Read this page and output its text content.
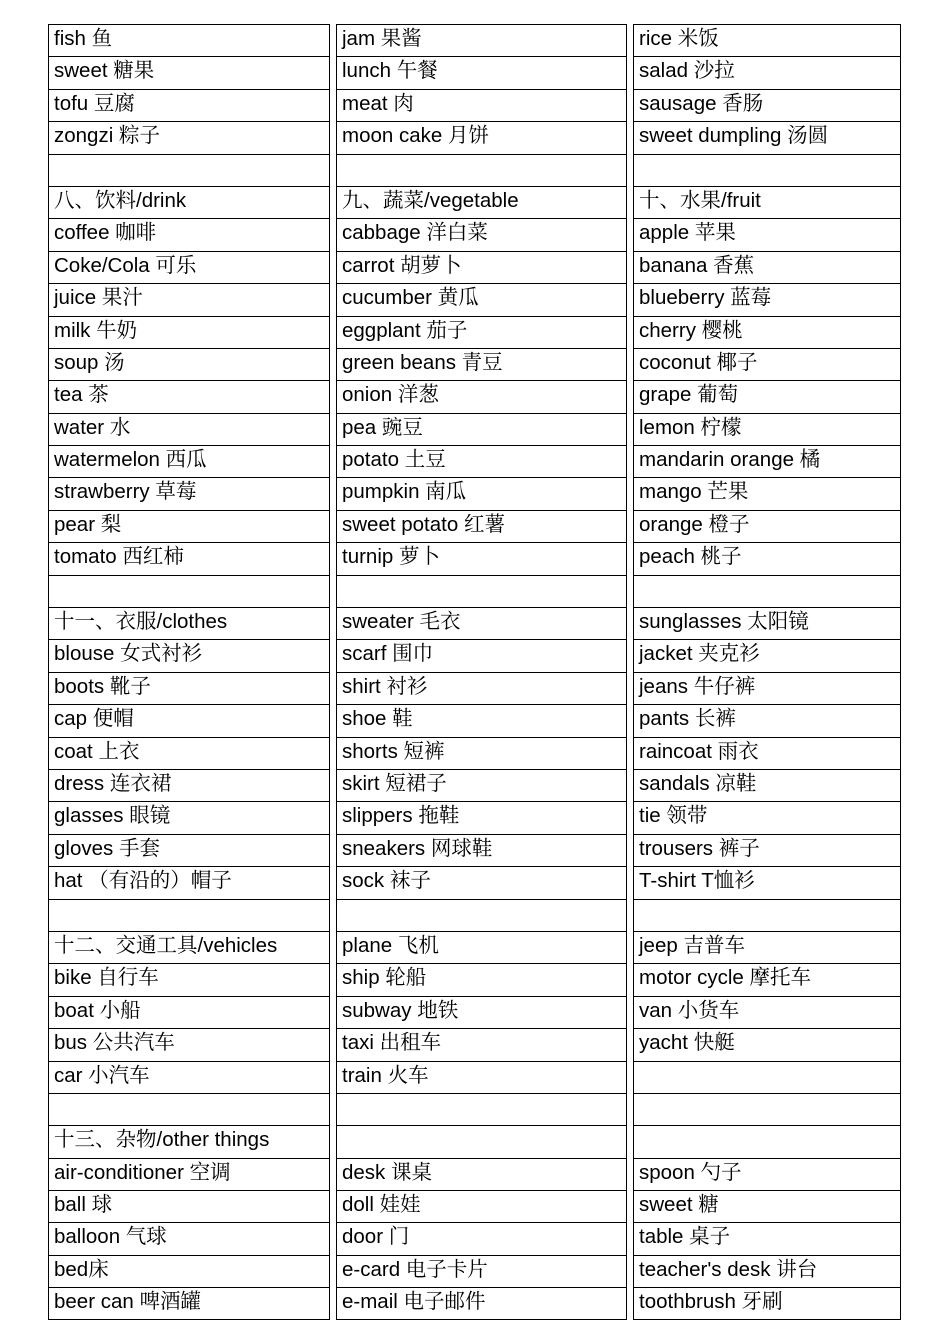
fish 鱼	jam 果酱	rice 米饭
sweet 糖果	lunch 午餐	salad 沙拉
tofu 豆腐	meat 肉	sausage 香肠
zongzi 粽子	moon cake 月饼	sweet dumpling 汤圆
八、饮料/drink	九、蔬菜/vegetable	十、水果/fruit
coffee 咖啡	cabbage 洋白菜	apple 苹果
Coke/Cola 可乐	carrot 胡萝卜	banana 香蕉
juice 果汁	cucumber 黄瓜	blueberry 蓝莓
milk 牛奶	eggplant 茄子	cherry 樱桃
soup 汤	green beans 青豆	coconut 椰子
tea 茶	onion 洋葱	grape 葡萄
water 水	pea 豌豆	lemon 柠檬
watermelon 西瓜	potato 土豆	mandarin orange 橘
strawberry 草莓	pumpkin 南瓜	mango 芒果
pear 梨	sweet potato 红薯	orange 橙子
tomato 西红柿	turnip 萝卜	peach 桃子
十一、衣服/clothes	sweater 毛衣	sunglasses 太阳镜
blouse 女式衬衫	scarf 围巾	jacket 夹克衫
boots 靴子	shirt 衬衫	jeans 牛仔裤
cap 便帽	shoe 鞋	pants 长裤
coat 上衣	shorts 短裤	raincoat 雨衣
dress 连衣裙	skirt 短裙子	sandals 凉鞋
glasses 眼镜	slippers 拖鞋	tie 领带
gloves 手套	sneakers 网球鞋	trousers 裤子
hat （有沿的）帽子	sock 袜子	T-shirt T恤衫
十二、交通工具/vehicles	plane 飞机	jeep 吉普车
bike 自行车	ship 轮船	motor cycle 摩托车
boat 小船	subway 地铁	van 小货车
bus 公共汽车	taxi 出租车	yacht 快艇
car 小汽车	train 火车
十三、杂物/other things
air-conditioner 空调	desk 课桌	spoon 勺子
ball 球	doll 娃娃	sweet 糖
balloon 气球	door 门	table 桌子
bed床	e-card 电子卡片	teacher's desk 讲台
beer can 啤酒罐	e-mail 电子邮件	toothbrush 牙刷
